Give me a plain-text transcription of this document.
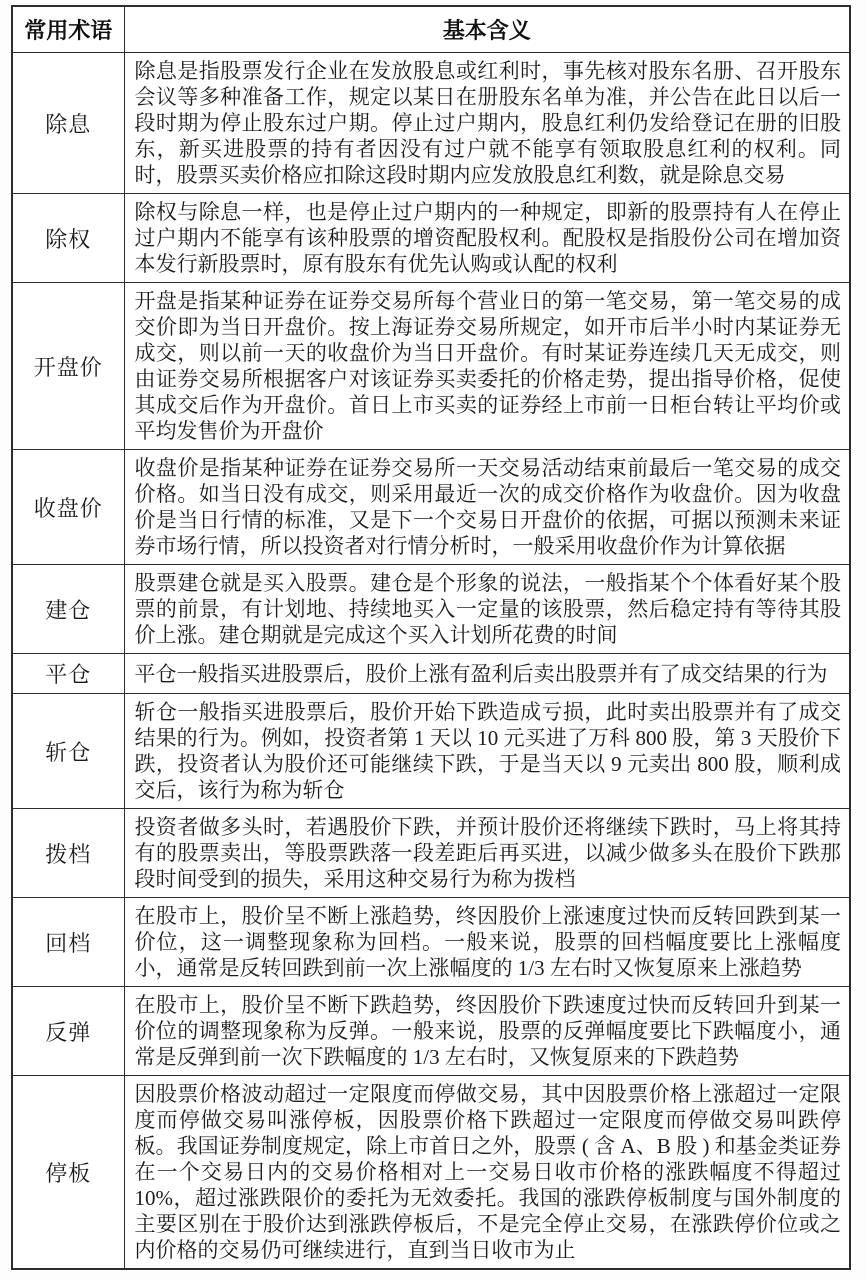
常用术语	基本含义
除息	除息是指股票发行企业在发放股息或红利时，事先核对股东名册、召开股东会议等多种准备工作，规定以某日在册股东名单为准，并公告在此日以后一段时期为停止股东过户期。停止过户期内，股息红利仍发给登记在册的旧股东，新买进股票的持有者因没有过户就不能享有领取股息红利的权利。同时，股票买卖价格应扣除这段时期内应发放股息红利数，就是除息交易
除权	除权与除息一样，也是停止过户期内的一种规定，即新的股票持有人在停止过户期内不能享有该种股票的增资配股权利。配股权是指股份公司在增加资本发行新股票时，原有股东有优先认购或认配的权利
开盘价	开盘是指某种证券在证券交易所每个营业日的第一笔交易，第一笔交易的成交价即为当日开盘价。按上海证券交易所规定，如开市后半小时内某证券无成交，则以前一天的收盘价为当日开盘价。有时某证券连续几天无成交，则由证券交易所根据客户对该证券买卖委托的价格走势，提出指导价格，促使其成交后作为开盘价。首日上市买卖的证券经上市前一日柜台转让平均价或平均发售价为开盘价
收盘价	收盘价是指某种证券在证券交易所一天交易活动结束前最后一笔交易的成交价格。如当日没有成交，则采用最近一次的成交价格作为收盘价。因为收盘价是当日行情的标准，又是下一个交易日开盘价的依据，可据以预测未来证券市场行情，所以投资者对行情分析时，一般采用收盘价作为计算依据
建仓	股票建仓就是买入股票。建仓是个形象的说法，一般指某个个体看好某个股票的前景，有计划地、持续地买入一定量的该股票，然后稳定持有等待其股价上涨。建仓期就是完成这个买入计划所花费的时间
平仓	平仓一般指买进股票后，股价上涨有盈利后卖出股票并有了成交结果的行为
斩仓	斩仓一般指买进股票后，股价开始下跌造成亏损，此时卖出股票并有了成交结果的行为。例如，投资者第 1 天以 10 元买进了万科 800 股，第 3 天股价下跌，投资者认为股价还可能继续下跌，于是当天以 9 元卖出 800 股，顺利成交后，该行为称为斩仓
拨档	投资者做多头时，若遇股价下跌，并预计股价还将继续下跌时，马上将其持有的股票卖出，等股票跌落一段差距后再买进，以减少做多头在股价下跌那段时间受到的损失，采用这种交易行为称为拨档
回档	在股市上，股价呈不断上涨趋势，终因股价上涨速度过快而反转回跌到某一价位，这一调整现象称为回档。一般来说，股票的回档幅度要比上涨幅度小，通常是反转回跌到前一次上涨幅度的 1/3 左右时又恢复原来上涨趋势
反弹	在股市上，股价呈不断下跌趋势，终因股价下跌速度过快而反转回升到某一价位的调整现象称为反弹。一般来说，股票的反弹幅度要比下跌幅度小，通常是反弹到前一次下跌幅度的 1/3 左右时，又恢复原来的下跌趋势
停板	因股票价格波动超过一定限度而停做交易，其中因股票价格上涨超过一定限度而停做交易叫涨停板，因股票价格下跌超过一定限度而停做交易叫跌停板。我国证券制度规定，除上市首日之外，股票 ( 含 A、B 股 ) 和基金类证券在一个交易日内的交易价格相对上一交易日收市价格的涨跌幅度不得超过 10%，超过涨跌限价的委托为无效委托。我国的涨跌停板制度与国外制度的主要区别在于股价达到涨跌停板后，不是完全停止交易，在涨跌停价位或之内价格的交易仍可继续进行，直到当日收市为止
